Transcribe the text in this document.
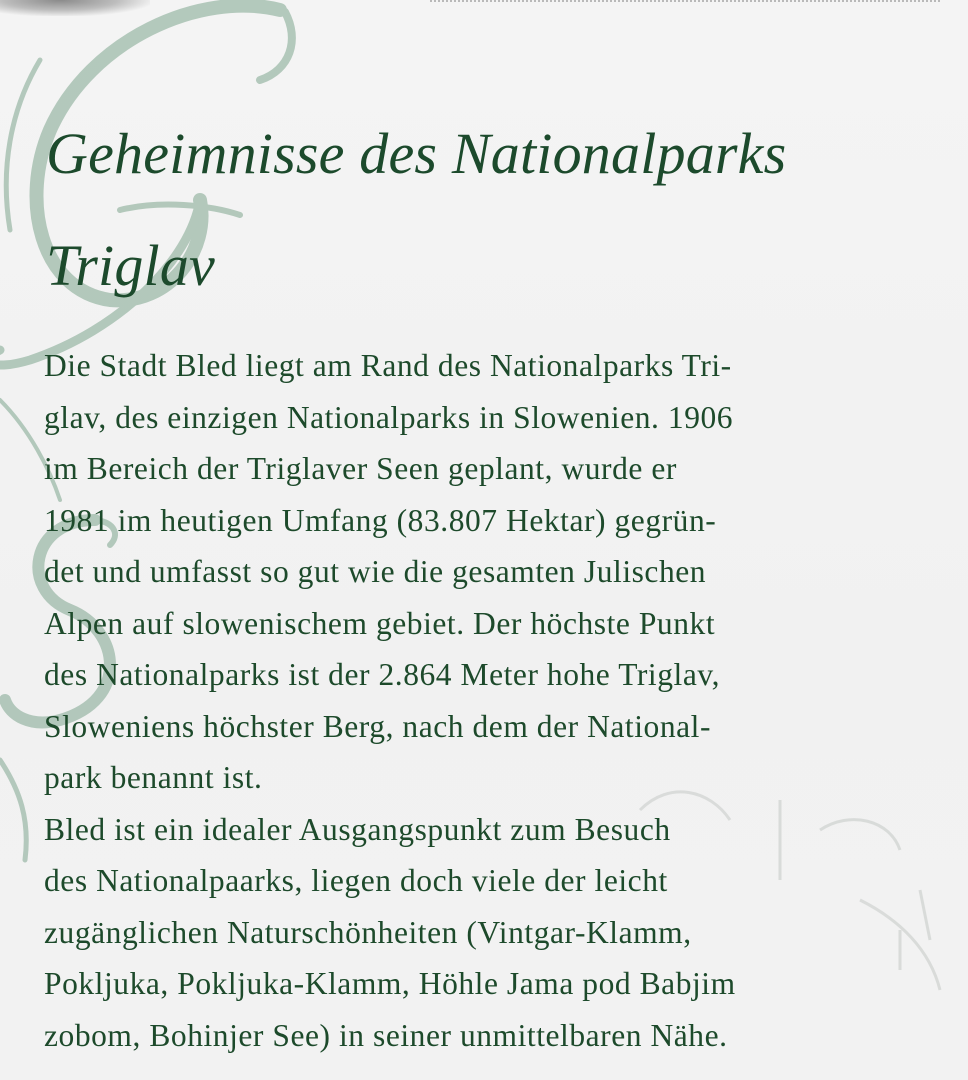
Geheimnisse des Nationalparks
Triglav
Die Stadt Bled liegt am Rand des Nationalparks Tri-
glav, des einzigen Nationalparks in Slowenien. 1906
im Bereich der Triglaver Seen geplant, wurde er
1981 im heutigen Umfang (83.807 Hektar) gegrün-
det und umfasst so gut wie die gesamten Julischen
Alpen auf slowenischem gebiet. Der höchste Punkt
des Nationalparks ist der 2.864 Meter hohe Triglav,
Sloweniens höchster Berg, nach dem der National-
park benannt ist.
Bled ist ein idealer Ausgangspunkt zum Besuch
des Nationalpaarks, liegen doch viele der leicht
zugänglichen Naturschönheiten (Vintgar-Klamm,
Pokljuka, Pokljuka-Klamm, Höhle Jama pod Babjim
zobom, Bohinjer See) in seiner unmittelbaren Nähe.
